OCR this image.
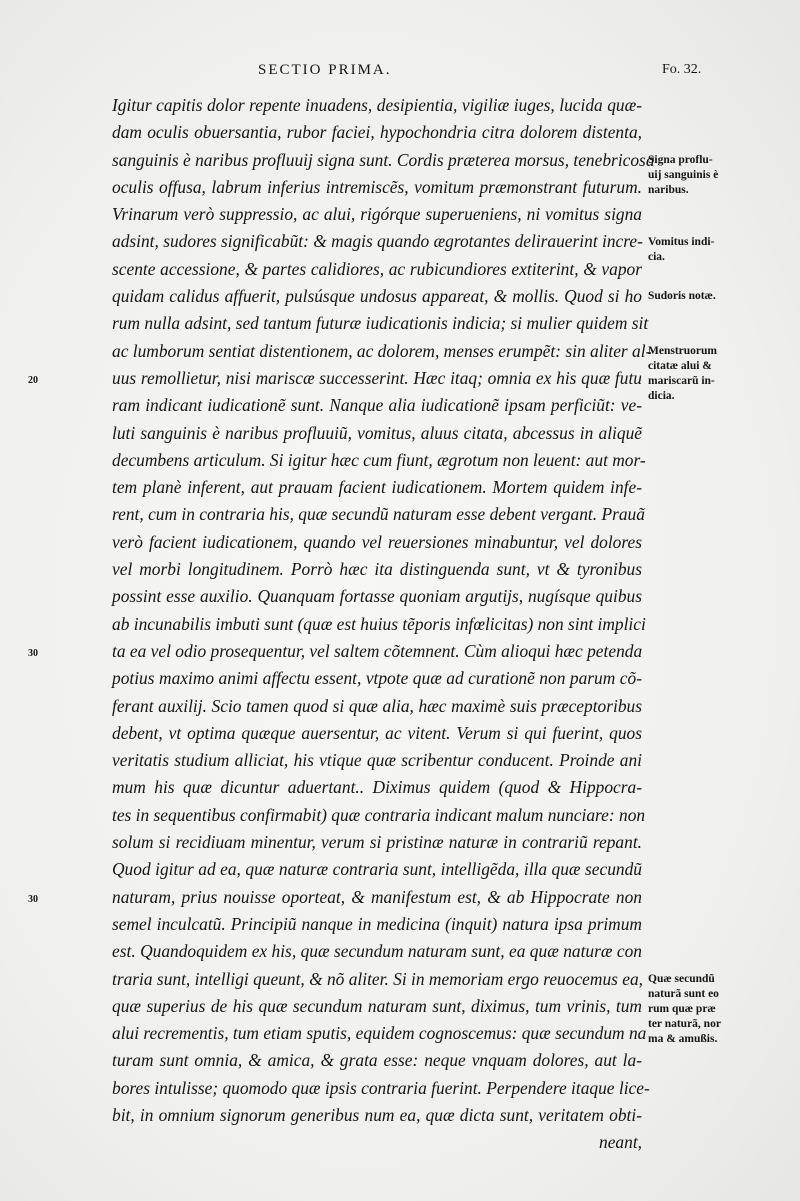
SECTIO PRIMA.	Fo. 32.
Igitur capitis dolor repente inuadens, desipientia, vigiliæ iuges, lucida quæ-
dam oculis obuersantia, rubor faciei, hypochondria citra dolorem distenta,
sanguinis è naribus profluuij signa sunt. Cordis præterea morsus, tenebricosa
oculis offusa, labrum inferius intremiscẽs, vomitum præmonstrant futurum.
Vrinarum verò suppressio, ac alui, rigórque superueniens, ni vomitus signa
adsint, sudores significabũt: & magis quando ægrotantes delirauerint incre-
scente accessione, & partes calidiores, ac rubicundiores extiterint, & vapor
quidam calidus affuerit, pulsúsque undosus appareat, & mollis. Quod si ho
rum nulla adsint, sed tantum futuræ iudicationis indicia; si mulier quidem sit
ac lumborum sentiat distentionem, ac dolorem, menses erumpẽt: sin aliter al-
uus remollietur, nisi mariscæ successerint. Hæc itaq; omnia ex his quæ futu
ram indicant iudicationẽ sunt. Nanque alia iudicationẽ ipsam perficiũt: ve-
luti sanguinis è naribus profluuiũ, vomitus, aluus citata, abcessus in aliquẽ
decumbens articulum. Si igitur hæc cum fiunt, ægrotum non leuent: aut mor-
tem planè inferent, aut prauam facient iudicationem. Mortem quidem infe-
rent, cum in contraria his, quæ secundũ naturam esse debent vergant. Prauã
verò facient iudicationem, quando vel reuersiones minabuntur, vel dolores
vel morbi longitudinem. Porrò hæc ita distinguenda sunt, vt & tyronibus
possint esse auxilio. Quanquam fortasse quoniam argutijs, nugísque quibus
ab incunabilis imbuti sunt (quæ est huius tẽporis infœlicitas) non sint implici
ta ea vel odio prosequentur, vel saltem cõtemnent. Cùm alioqui hæc petenda
potius maximo animi affectu essent, vtpote quæ ad curationẽ non parum cõ-
ferant auxilij. Scio tamen quod si quæ alia, hæc maximè suis præceptoribus
debent, vt optima quæque auersentur, ac vitent. Verum si qui fuerint, quos
veritatis studium alliciat, his vtique quæ scribentur conducent. Proinde ani
mum his quæ dicuntur aduertant.. Diximus quidem (quod & Hippocra-
tes in sequentibus confirmabit) quæ contraria indicant malum nunciare: non
solum si recidiuam minentur, verum si pristinæ naturæ in contrariũ repant.
Quod igitur ad ea, quæ naturæ contraria sunt, intelligẽda, illa quæ secundũ
naturam, prius nouisse oporteat, & manifestum est, & ab Hippocrate non
semel inculcatũ. Principiũ nanque in medicina (inquit) natura ipsa primum
est. Quandoquidem ex his, quæ secundum naturam sunt, ea quæ naturæ con
traria sunt, intelligi queunt, & nõ aliter. Si in memoriam ergo reuocemus ea,
quæ superius de his quæ secundum naturam sunt, diximus, tum vrinis, tum
alui recrementis, tum etiam sputis, equidem cognoscemus: quæ secundum na
turam sunt omnia, & amica, & grata esse: neque vnquam dolores, aut la-
bores intulisse; quomodo quæ ipsis contraria fuerint. Perpendere itaque lice-
bit, in omnium signorum generibus num ea, quæ dicta sunt, veritatem obti-
neant,
20
30
30
Signa proflu-
uij sanguinis è
naribus.
Vomitus indi-
cia.
Sudoris notæ.
Menstruorum
citatæ alui &
mariscarũ in-
dicia.
Quæ secundũ
naturã sunt eo
rum quæ præ
ter naturã, nor
ma & amußis.
